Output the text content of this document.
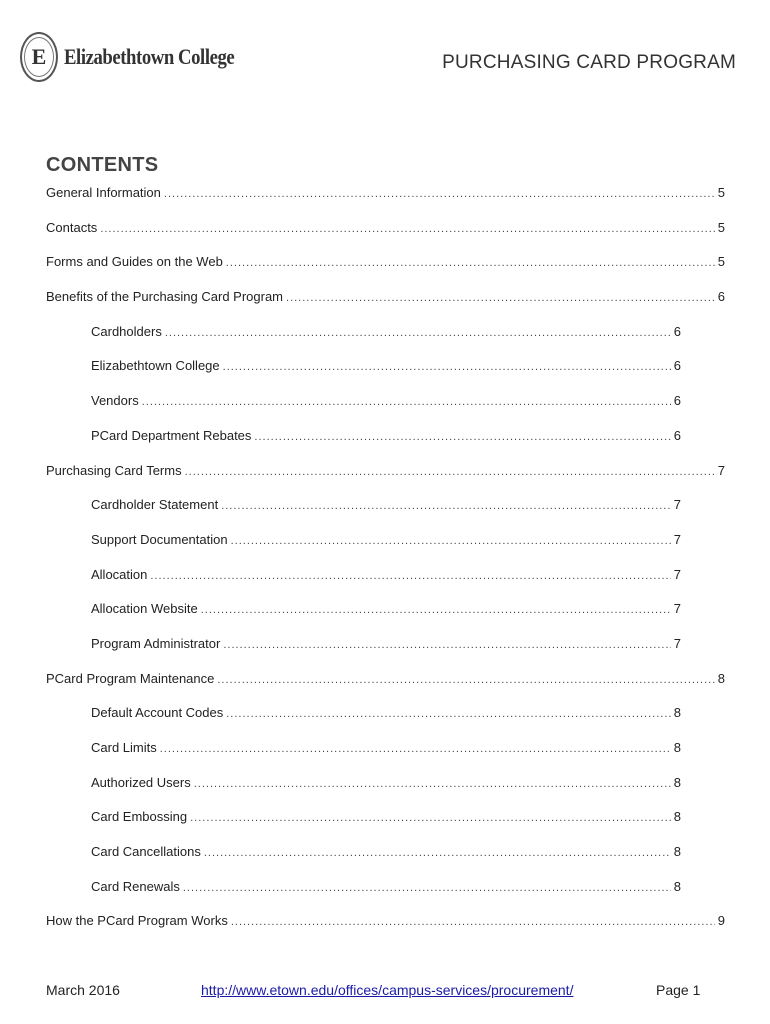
E Elizabethtown College	PURCHASING CARD PROGRAM
CONTENTS
General Information .....	5
Contacts .....	5
Forms and Guides on the Web .....	5
Benefits of the Purchasing Card Program .....	6
Cardholders .....	6
Elizabethtown College .....	6
Vendors .....	6
PCard Department Rebates .....	6
Purchasing Card Terms .....	7
Cardholder Statement .....	7
Support Documentation .....	7
Allocation .....	7
Allocation Website .....	7
Program Administrator .....	7
PCard Program Maintenance .....	8
Default Account Codes .....	8
Card Limits .....	8
Authorized Users .....	8
Card Embossing .....	8
Card Cancellations .....	8
Card Renewals .....	8
How the PCard Program Works .....	9
March 2016	http://www.etown.edu/offices/campus-services/procurement/	Page 1
